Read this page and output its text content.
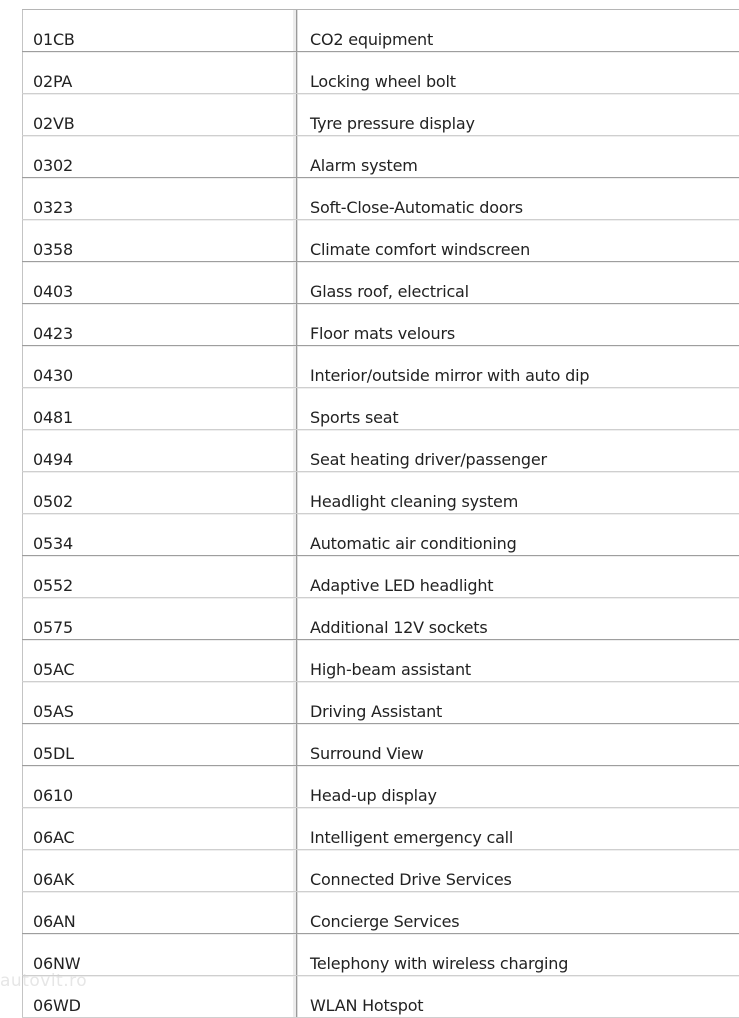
01CB	CO2 equipment
02PA	Locking wheel bolt
02VB	Tyre pressure display
0302	Alarm system
0323	Soft-Close-Automatic doors
0358	Climate comfort windscreen
0403	Glass roof, electrical
0423	Floor mats velours
0430	Interior/outside mirror with auto dip
0481	Sports seat
0494	Seat heating driver/passenger
0502	Headlight cleaning system
0534	Automatic air conditioning
0552	Adaptive LED headlight
0575	Additional 12V sockets
05AC	High-beam assistant
05AS	Driving Assistant
05DL	Surround View
0610	Head-up display
06AC	Intelligent emergency call
06AK	Connected Drive Services
06AN	Concierge Services
06NW	Telephony with wireless charging
06WD	WLAN Hotspot
autovit.ro
